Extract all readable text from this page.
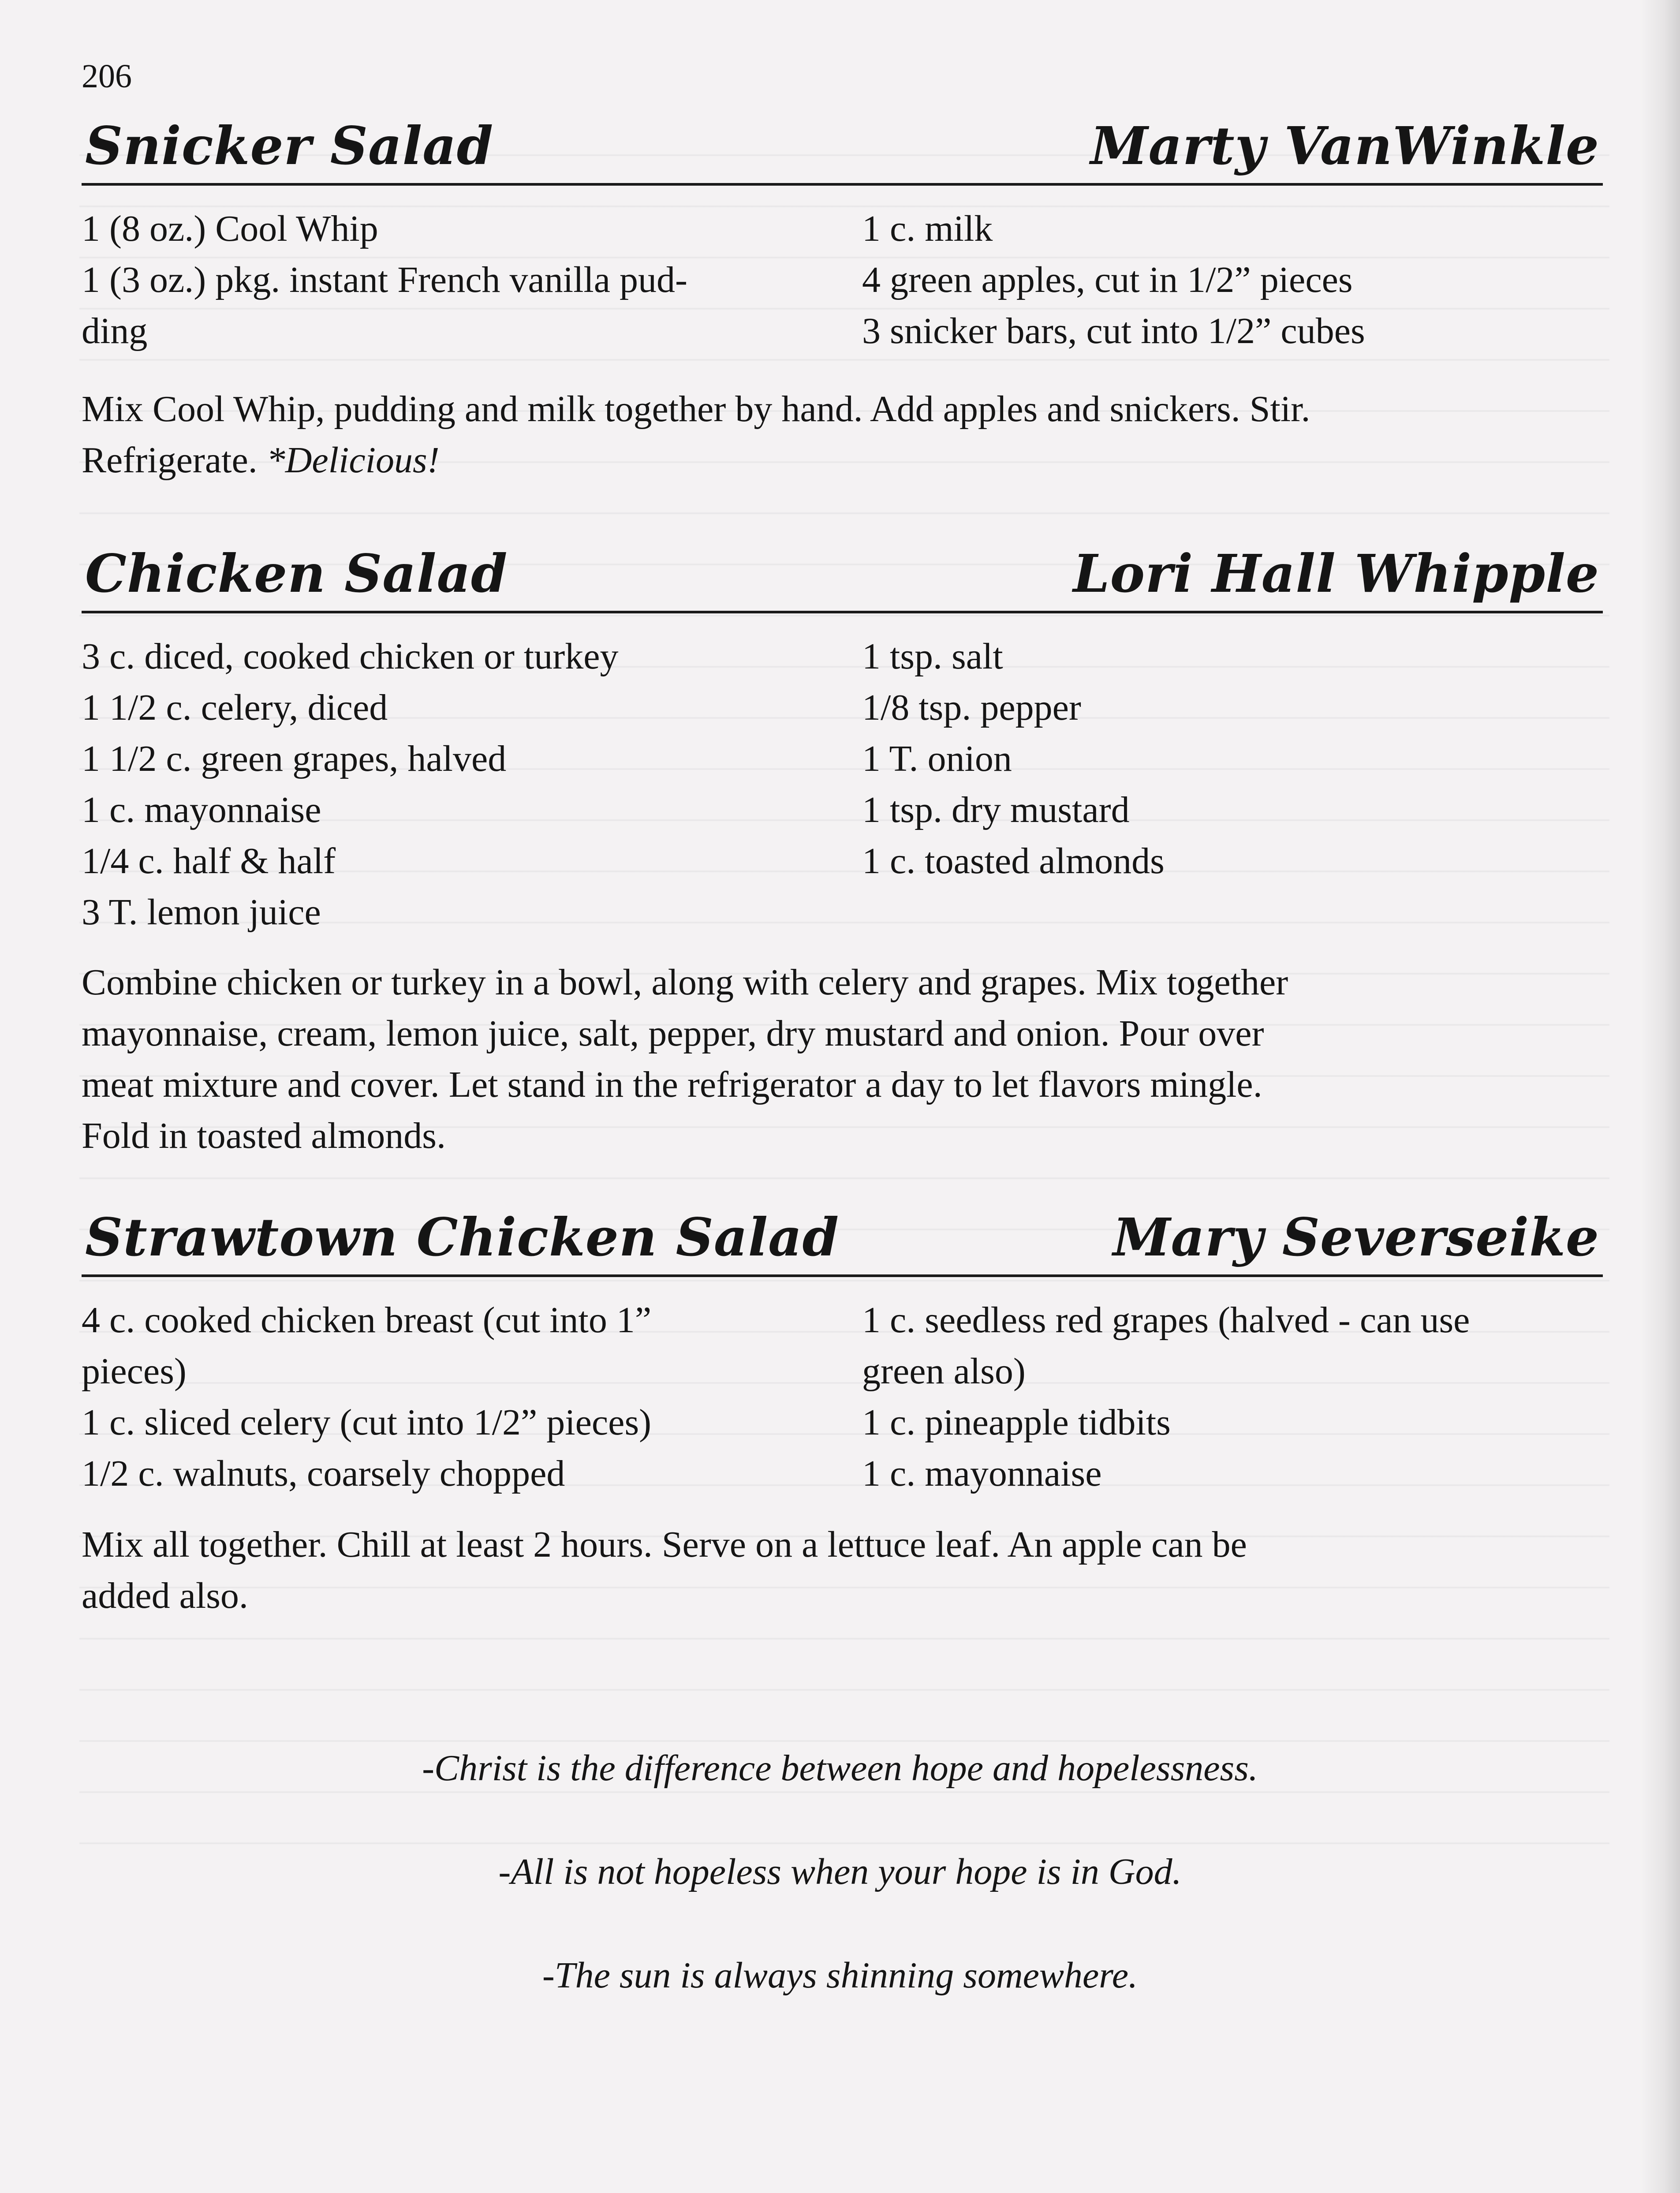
206
Snicker Salad	Marty VanWinkle
1 (8 oz.) Cool Whip
1 (3 oz.) pkg. instant French vanilla pud-
ding
1 c. milk
4 green apples, cut in 1/2” pieces
3 snicker bars, cut into 1/2” cubes
Mix Cool Whip, pudding and milk together by hand. Add apples and snickers. Stir.
Refrigerate. *Delicious!
Chicken Salad	Lori Hall Whipple
3 c. diced, cooked chicken or turkey
1 1/2 c. celery, diced
1 1/2 c. green grapes, halved
1 c. mayonnaise
1/4 c. half & half
3 T. lemon juice
1 tsp. salt
1/8 tsp. pepper
1 T. onion
1 tsp. dry mustard
1 c. toasted almonds
Combine chicken or turkey in a bowl, along with celery and grapes. Mix together
mayonnaise, cream, lemon juice, salt, pepper, dry mustard and onion. Pour over
meat mixture and cover. Let stand in the refrigerator a day to let flavors mingle.
Fold in toasted almonds.
Strawtown Chicken Salad	Mary Severseike
4 c. cooked chicken breast (cut into 1”
pieces)
1 c. sliced celery (cut into 1/2” pieces)
1/2 c. walnuts, coarsely chopped
1 c. seedless red grapes (halved - can use
green also)
1 c. pineapple tidbits
1 c. mayonnaise
Mix all together. Chill at least 2 hours. Serve on a lettuce leaf. An apple can be
added also.
-Christ is the difference between hope and hopelessness.
-All is not hopeless when your hope is in God.
-The sun is always shinning somewhere.
